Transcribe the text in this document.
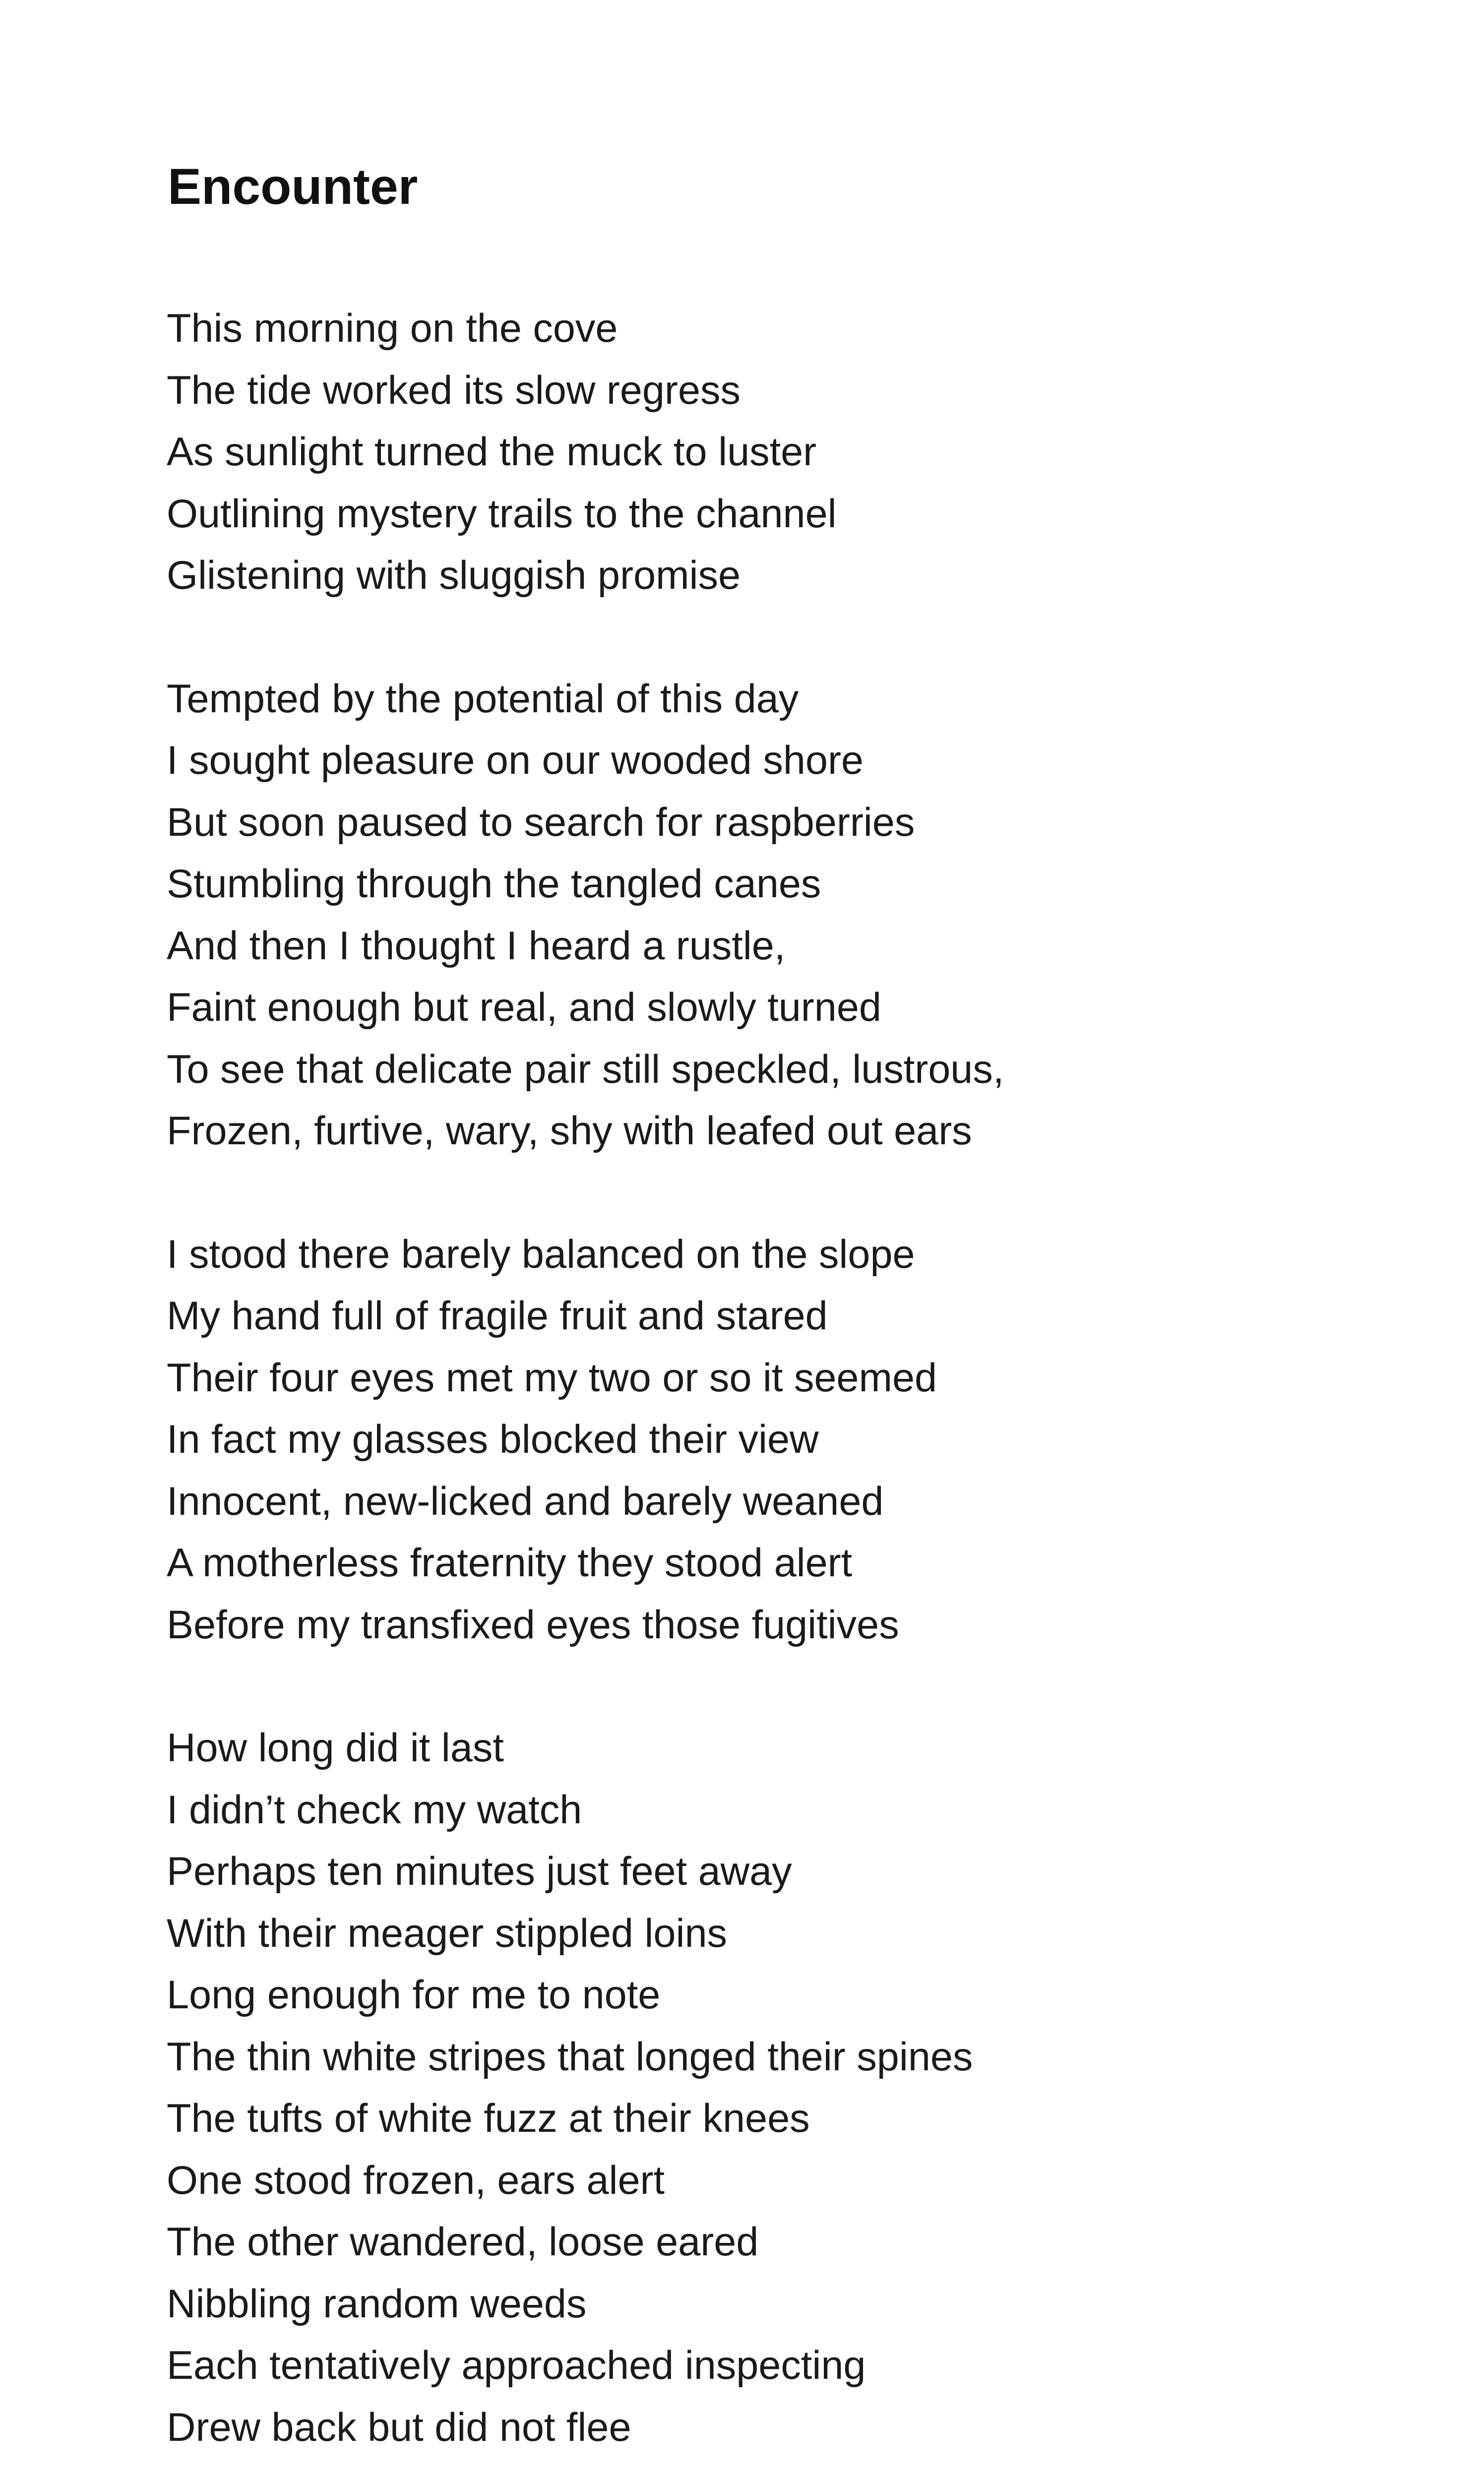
Encounter
This morning on the cove
The tide worked its slow regress
As sunlight turned the muck to luster
Outlining mystery trails to the channel
Glistening with sluggish promise
Tempted by the potential of this day
I sought pleasure on our wooded shore
But soon paused to search for raspberries
Stumbling through the tangled canes
And then I thought I heard a rustle,
Faint enough but real, and slowly turned
To see that delicate pair still speckled, lustrous,
Frozen, furtive, wary, shy with leafed out ears
I stood there barely balanced on the slope
My hand full of fragile fruit and stared
Their four eyes met my two or so it seemed
In fact my glasses blocked their view
Innocent, new-licked and barely weaned
A motherless fraternity they stood alert
Before my transfixed eyes those fugitives
How long did it last
I didn’t check my watch
Perhaps ten minutes just feet away
With their meager stippled loins
Long enough for me to note
The thin white stripes that longed their spines
The tufts of white fuzz at their knees
One stood frozen, ears alert
The other wandered, loose eared
Nibbling random weeds
Each tentatively approached inspecting
Drew back but did not flee
